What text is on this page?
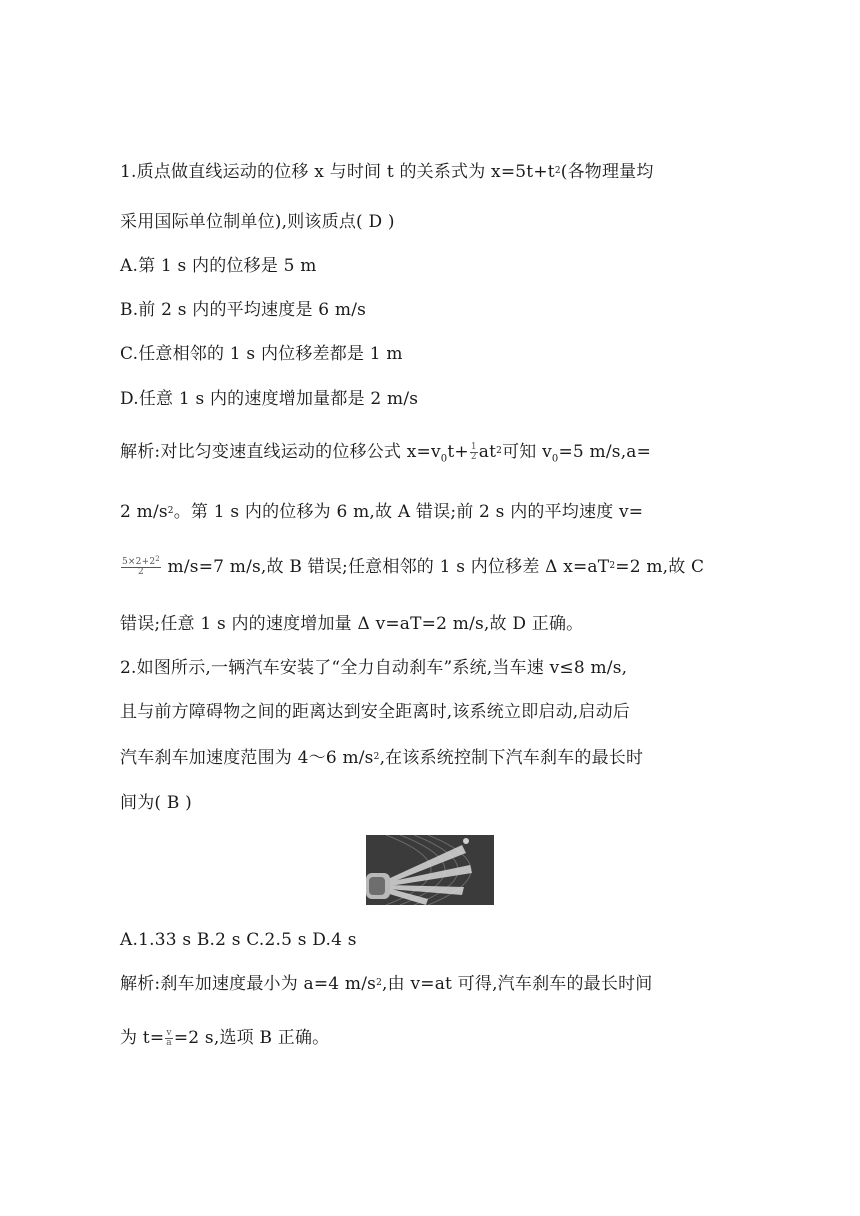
1.质点做直线运动的位移 x 与时间 t 的关系式为 $x=5t+t^2$(各物理量均
采用国际单位制单位),则该质点( D )
A.第 1 s 内的位移是 5 m
B.前 2 s 内的平均速度是 6 m/s
C.任意相邻的 1 s 内位移差都是 1 m
D.任意 1 s 内的速度增加量都是 2 m/s
解析:对比匀变速直线运动的位移公式 $x=v_0t+ \frac{1}{2} at^2$可知 $v_0=5$ m/s,a=
2 $m/s^2$。第 1 s 内的位移为 6 m,故 A 错误;前 2 s 内的平均速度 v=
$\frac{5\times 2+2^2}{2} m/s=7$ m/s,故 B 错误;任意相邻的 1 s 内位移差 Δ $x=aT^2=2$ m,故 C
错误;任意 1 s 内的速度增加量 Δ v=aT=2 m/s,故 D 正确。
2.如图所示,一辆汽车安装了“全力自动刹车”系统,当车速 v≤8 m/s,
且与前方障碍物之间的距离达到安全距离时,该系统立即启动,启动后
汽车刹车加速度范围为 4～6 $m/s^2$,在该系统控制下汽车刹车的最长时
间为( B )
A.1.33 s B.2 s C.2.5 s D.4 s
解析:刹车加速度最小为 a=4 $m/s^2$,由 v=at 可得,汽车刹车的最长时间
为 $t= \frac{v}{a} =2$ s,选项 B 正确。
